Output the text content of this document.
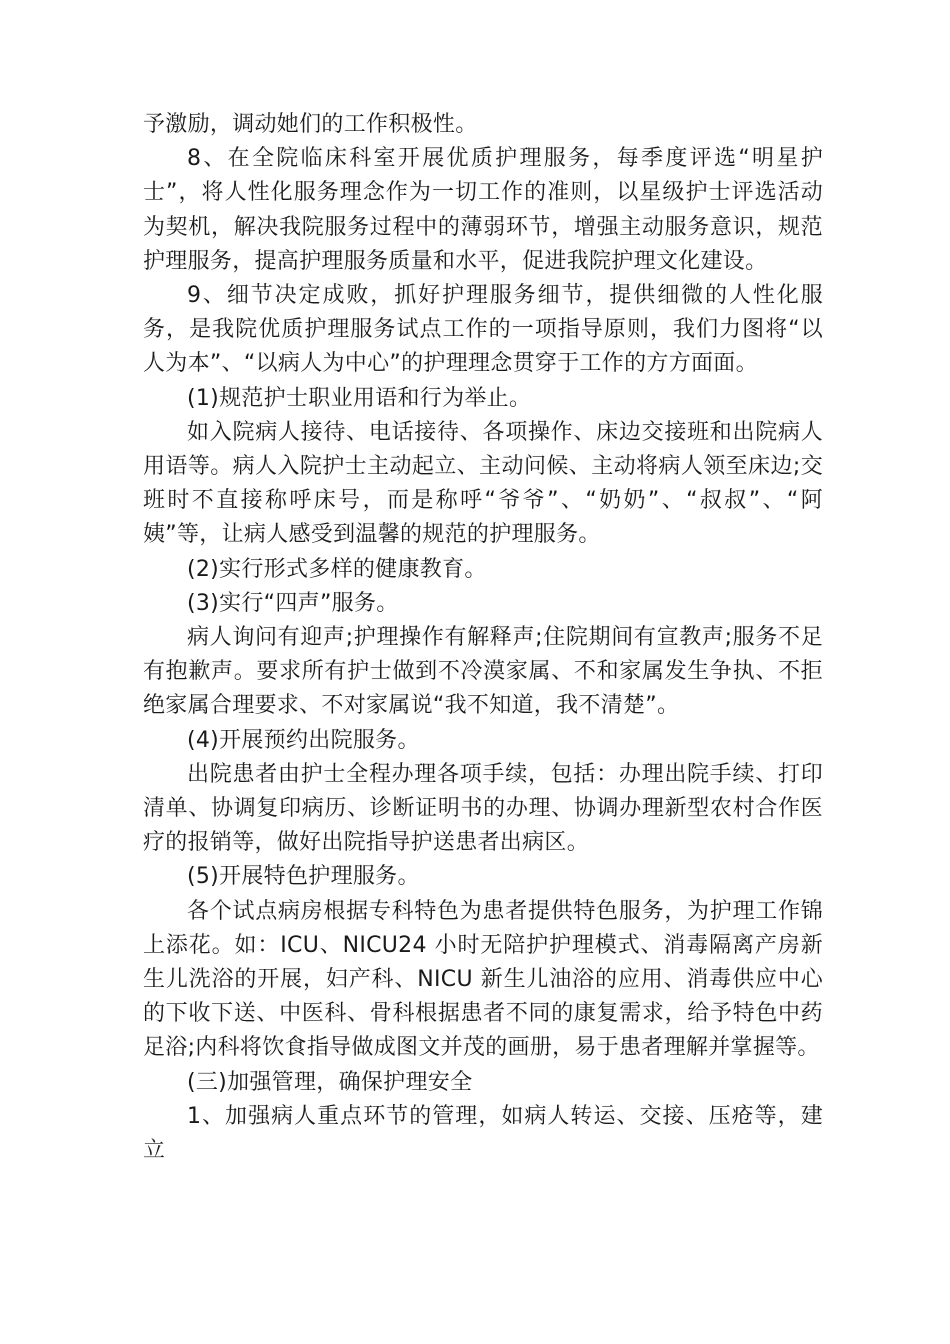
予激励，调动她们的工作积极性。

8、在全院临床科室开展优质护理服务，每季度评选“明星护士”，将人性化服务理念作为一切工作的准则，以星级护士评选活动为契机，解决我院服务过程中的薄弱环节，增强主动服务意识，规范护理服务，提高护理服务质量和水平，促进我院护理文化建设。

9、细节决定成败，抓好护理服务细节，提供细微的人性化服务，是我院优质护理服务试点工作的一项指导原则，我们力图将“以人为本”、“以病人为中心”的护理理念贯穿于工作的方方面面。

(1)规范护士职业用语和行为举止。

如入院病人接待、电话接待、各项操作、床边交接班和出院病人用语等。病人入院护士主动起立、主动问候、主动将病人领至床边;交班时不直接称呼床号，而是称呼“爷爷”、“奶奶”、“叔叔”、“阿姨”等，让病人感受到温馨的规范的护理服务。

(2)实行形式多样的健康教育。

(3)实行“四声”服务。

病人询问有迎声;护理操作有解释声;住院期间有宣教声;服务不足有抱歉声。要求所有护士做到不冷漠家属、不和家属发生争执、不拒绝家属合理要求、不对家属说“我不知道，我不清楚”。

(4)开展预约出院服务。

出院患者由护士全程办理各项手续，包括：办理出院手续、打印清单、协调复印病历、诊断证明书的办理、协调办理新型农村合作医疗的报销等，做好出院指导护送患者出病区。

(5)开展特色护理服务。

各个试点病房根据专科特色为患者提供特色服务，为护理工作锦上添花。如：ICU、NICU24 小时无陪护护理模式、消毒隔离产房新生儿洗浴的开展，妇产科、NICU 新生儿油浴的应用、消毒供应中心的下收下送、中医科、骨科根据患者不同的康复需求，给予特色中药足浴;内科将饮食指导做成图文并茂的画册，易于患者理解并掌握等。

(三)加强管理，确保护理安全

1、加强病人重点环节的管理，如病人转运、交接、压疮等，建立
